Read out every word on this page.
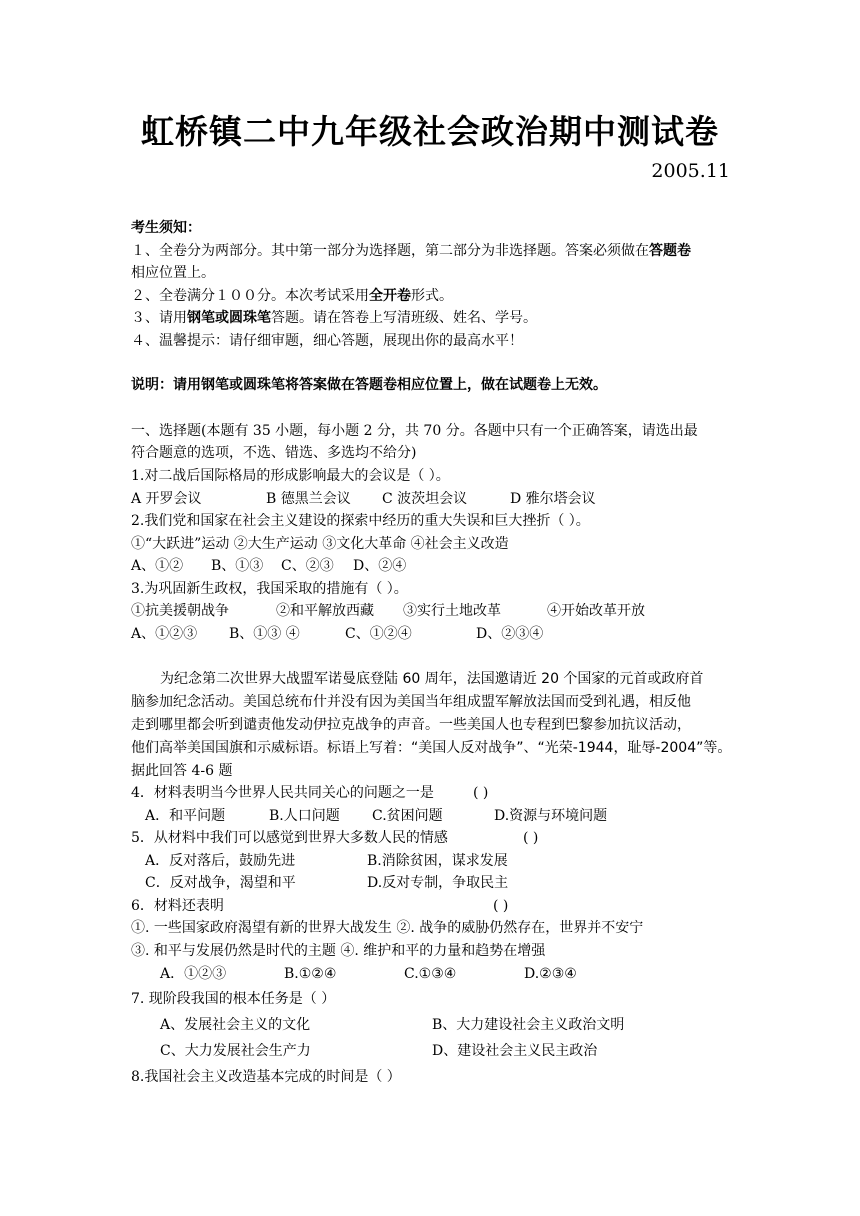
虹桥镇二中九年级社会政治期中测试卷
2005.11
考生须知：
１、全卷分为两部分。其中第一部分为选择题，第二部分为非选择题。答案必须做在答题卷
相应位置上。
２、全卷满分１００分。本次考试采用全开卷形式。
３、请用钢笔或圆珠笔答题。请在答卷上写清班级、姓名、学号。
４、温馨提示：请仔细审题，细心答题，展现出你的最高水平！
说明：请用钢笔或圆珠笔将答案做在答题卷相应位置上，做在试题卷上无效。
一、选择题(本题有 35 小题，每小题 2 分，共 70 分。各题中只有一个正确答案，请选出最
符合题意的选项，不选、错选、多选均不给分)
1.对二战后国际格局的形成影响最大的会议是（ ）。
A 开罗会议	B 德黑兰会议 C 波茨坦会议	D 雅尔塔会议
2.我们党和国家在社会主义建设的探索中经历的重大失误和巨大挫折（ ）。
①“大跃进”运动 ②大生产运动 ③文化大革命 ④社会主义改造
A、①② B、①③ C、②③ D、②④
3.为巩固新生政权，我国采取的措施有（ ）。
①抗美援朝战争	②和平解放西藏 ③实行土地改革	④开始改革开放
A、①②③ B、①③ ④	C、①②④	D、②③④
为纪念第二次世界大战盟军诺曼底登陆 60 周年，法国邀请近 20 个国家的元首或政府首
脑参加纪念活动。美国总统布什并没有因为美国当年组成盟军解放法国而受到礼遇，相反他
走到哪里都会听到谴责他发动伊拉克战争的声音。一些美国人也专程到巴黎参加抗议活动，
他们高举美国国旗和示威标语。标语上写着：“美国人反对战争”、“光荣-1944，耻辱-2004”等。
据此回答 4-6 题
4．材料表明当今世界人民共同关心的问题之一是	( )
A．和平问题	B.人口问题 C.贫困问题	D.资源与环境问题
5．从材料中我们可以感觉到世界大多数人民的情感	( )
A．反对落后，鼓励先进	B.消除贫困，谋求发展
C．反对战争，渴望和平	D.反对专制，争取民主
6．材料还表明	( )
①. 一些国家政府渴望有新的世界大战发生 ②. 战争的威胁仍然存在，世界并不安宁
③. 和平与发展仍然是时代的主题 ④. 维护和平的力量和趋势在增强
A．①②③	B.①②④	C.①③④	D.②③④
7. 现阶段我国的根本任务是（ ）
A、发展社会主义的文化	B、大力建设社会主义政治文明
C、大力发展社会生产力	D、建设社会主义民主政治
8.我国社会主义改造基本完成的时间是（ ）
